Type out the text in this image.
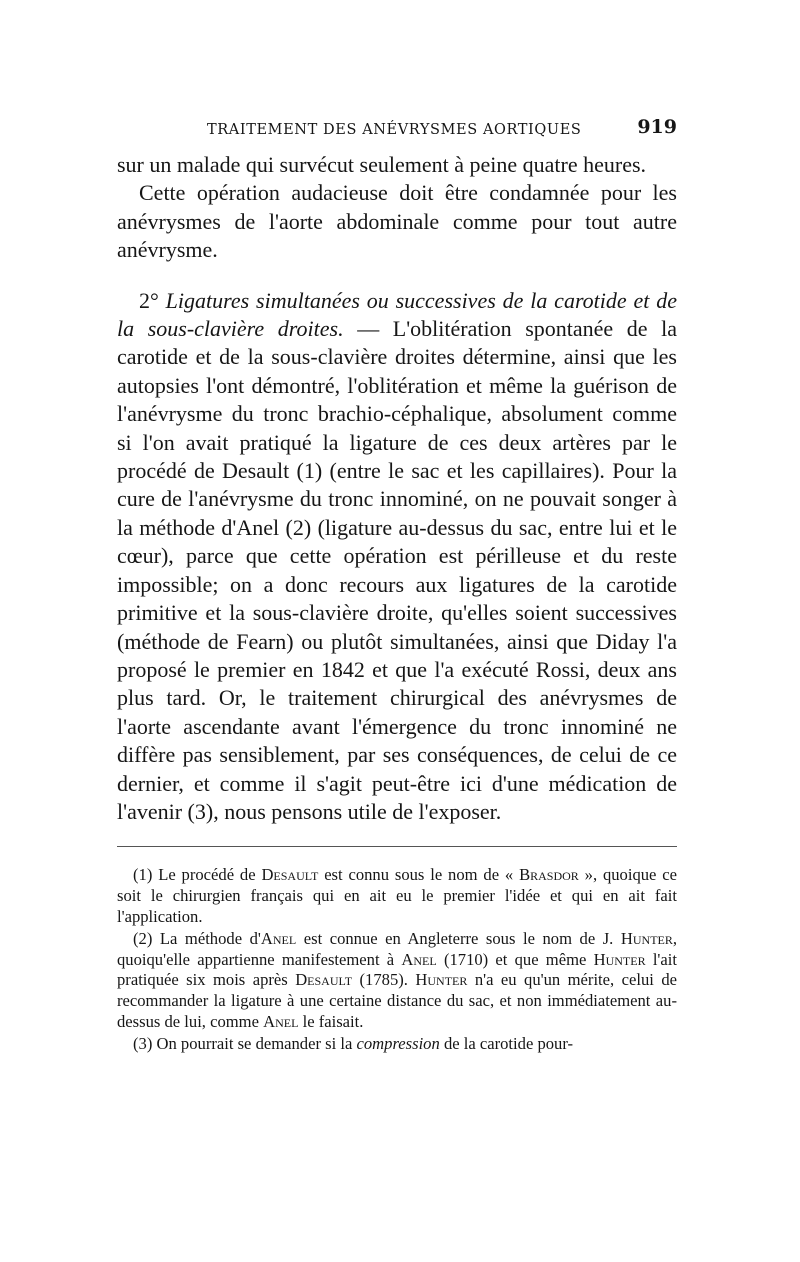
TRAITEMENT DES ANÉVRYSMES AORTIQUES	919

sur un malade qui survécut seulement à peine quatre heures.

Cette opération audacieuse doit être condamnée pour les anévrysmes de l'aorte abdominale comme pour tout autre anévrysme.

2° Ligatures simultanées ou successives de la carotide et de la sous-clavière droites. — L'oblitération spontanée de la carotide et de la sous-clavière droites détermine, ainsi que les autopsies l'ont démontré, l'oblitération et même la guérison de l'anévrysme du tronc brachio-céphalique, absolument comme si l'on avait pratiqué la ligature de ces deux artères par le procédé de Desault (1) (entre le sac et les capillaires). Pour la cure de l'anévrysme du tronc innominé, on ne pouvait songer à la méthode d'Anel (2) (ligature au-dessus du sac, entre lui et le cœur), parce que cette opération est périlleuse et du reste impossible; on a donc recours aux ligatures de la carotide primitive et la sous-clavière droite, qu'elles soient successives (méthode de Fearn) ou plutôt simultanées, ainsi que Diday l'a proposé le premier en 1842 et que l'a exécuté Rossi, deux ans plus tard. Or, le traitement chirurgical des anévrysmes de l'aorte ascendante avant l'émergence du tronc innominé ne diffère pas sensiblement, par ses conséquences, de celui de ce dernier, et comme il s'agit peut-être ici d'une médication de l'avenir (3), nous pensons utile de l'exposer.

(1) Le procédé de Desault est connu sous le nom de « Brasdor », quoique ce soit le chirurgien français qui en ait eu le premier l'idée et qui en ait fait l'application.

(2) La méthode d'Anel est connue en Angleterre sous le nom de J. Hunter, quoiqu'elle appartienne manifestement à Anel (1710) et que même Hunter l'ait pratiquée six mois après Desault (1785). Hunter n'a eu qu'un mérite, celui de recommander la ligature à une certaine distance du sac, et non immédiatement au-dessus de lui, comme Anel le faisait.

(3) On pourrait se demander si la compression de la carotide pour-
